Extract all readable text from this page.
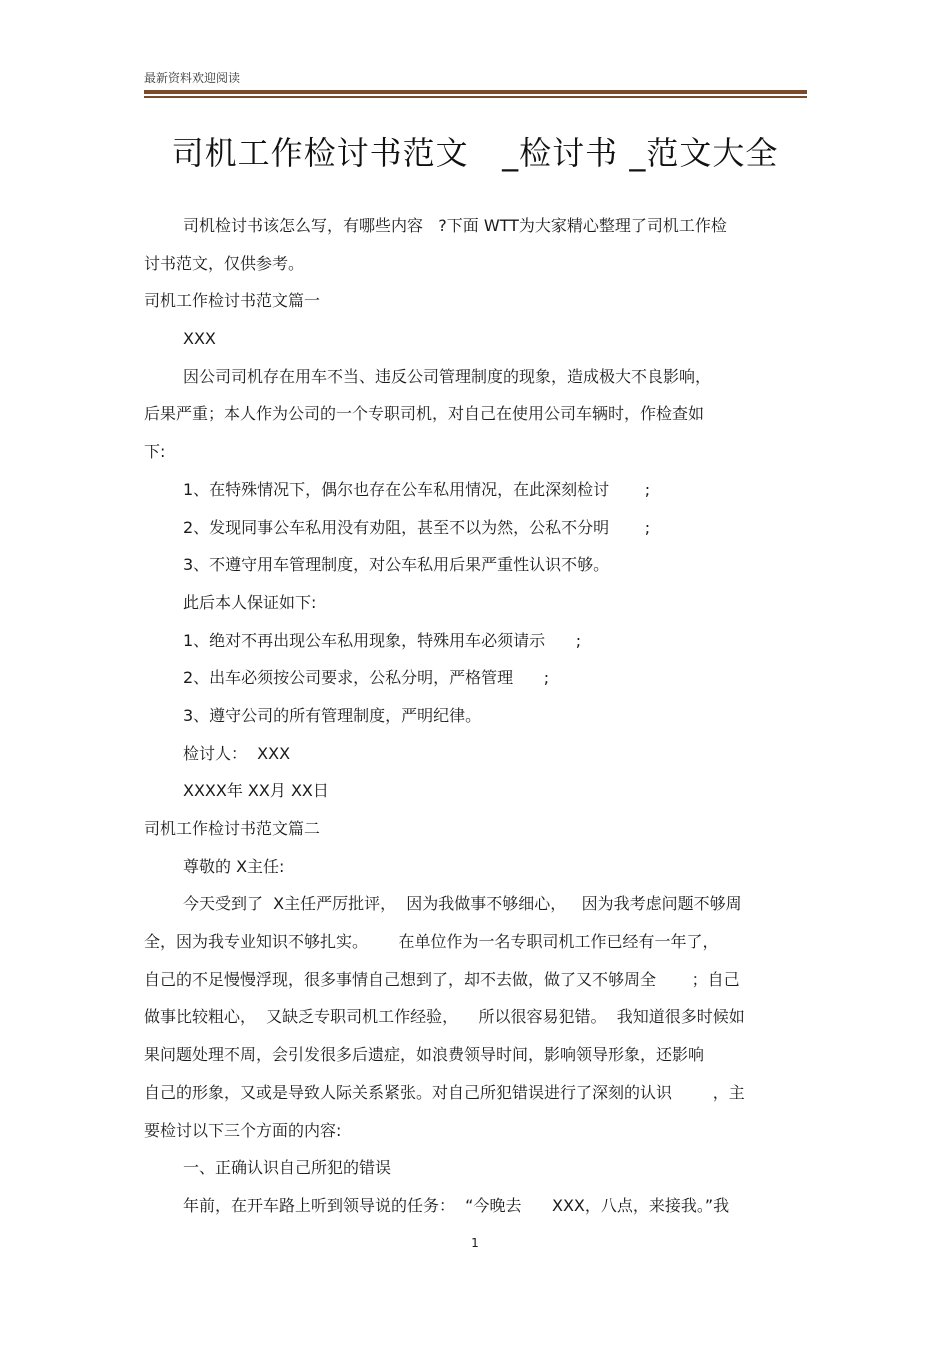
最新资料欢迎阅读
司机工作检讨书范文   _检讨书 _范文大全
司机检讨书该怎么写，有哪些内容   ?下面 WTT为大家精心整理了司机工作检
讨书范文，仅供参考。
司机工作检讨书范文篇一
XXX
因公司司机存在用车不当、违反公司管理制度的现象，造成极大不良影响，
后果严重；本人作为公司的一个专职司机，对自己在使用公司车辆时，作检查如
下:
1、在特殊情况下，偶尔也存在公车私用情况，在此深刻检讨       ;
2、发现同事公车私用没有劝阻，甚至不以为然，公私不分明       ;
3、不遵守用车管理制度，对公车私用后果严重性认识不够。
此后本人保证如下:
1、绝对不再出现公车私用现象，特殊用车必须请示      ;
2、出车必须按公司要求，公私分明，严格管理      ;
3、遵守公司的所有管理制度，严明纪律。
检讨人：  XXX
XXXX年 XX月 XX日
司机工作检讨书范文篇二
尊敬的 X主任:
今天受到了  X主任严厉批评，  因为我做事不够细心，   因为我考虑问题不够周
全，因为我专业知识不够扎实。      在单位作为一名专职司机工作已经有一年了，
自己的不足慢慢浮现，很多事情自己想到了，却不去做，做了又不够周全       ；自己
做事比较粗心，  又缺乏专职司机工作经验，    所以很容易犯错。  我知道很多时候如
果问题处理不周，会引发很多后遗症，如浪费领导时间，影响领导形象，还影响
自己的形象，又或是导致人际关系紧张。对自己所犯错误进行了深刻的认识        ，主
要检讨以下三个方面的内容:
一、正确认识自己所犯的错误
年前，在开车路上听到领导说的任务：  “今晚去      XXX，八点，来接我。”我
1
